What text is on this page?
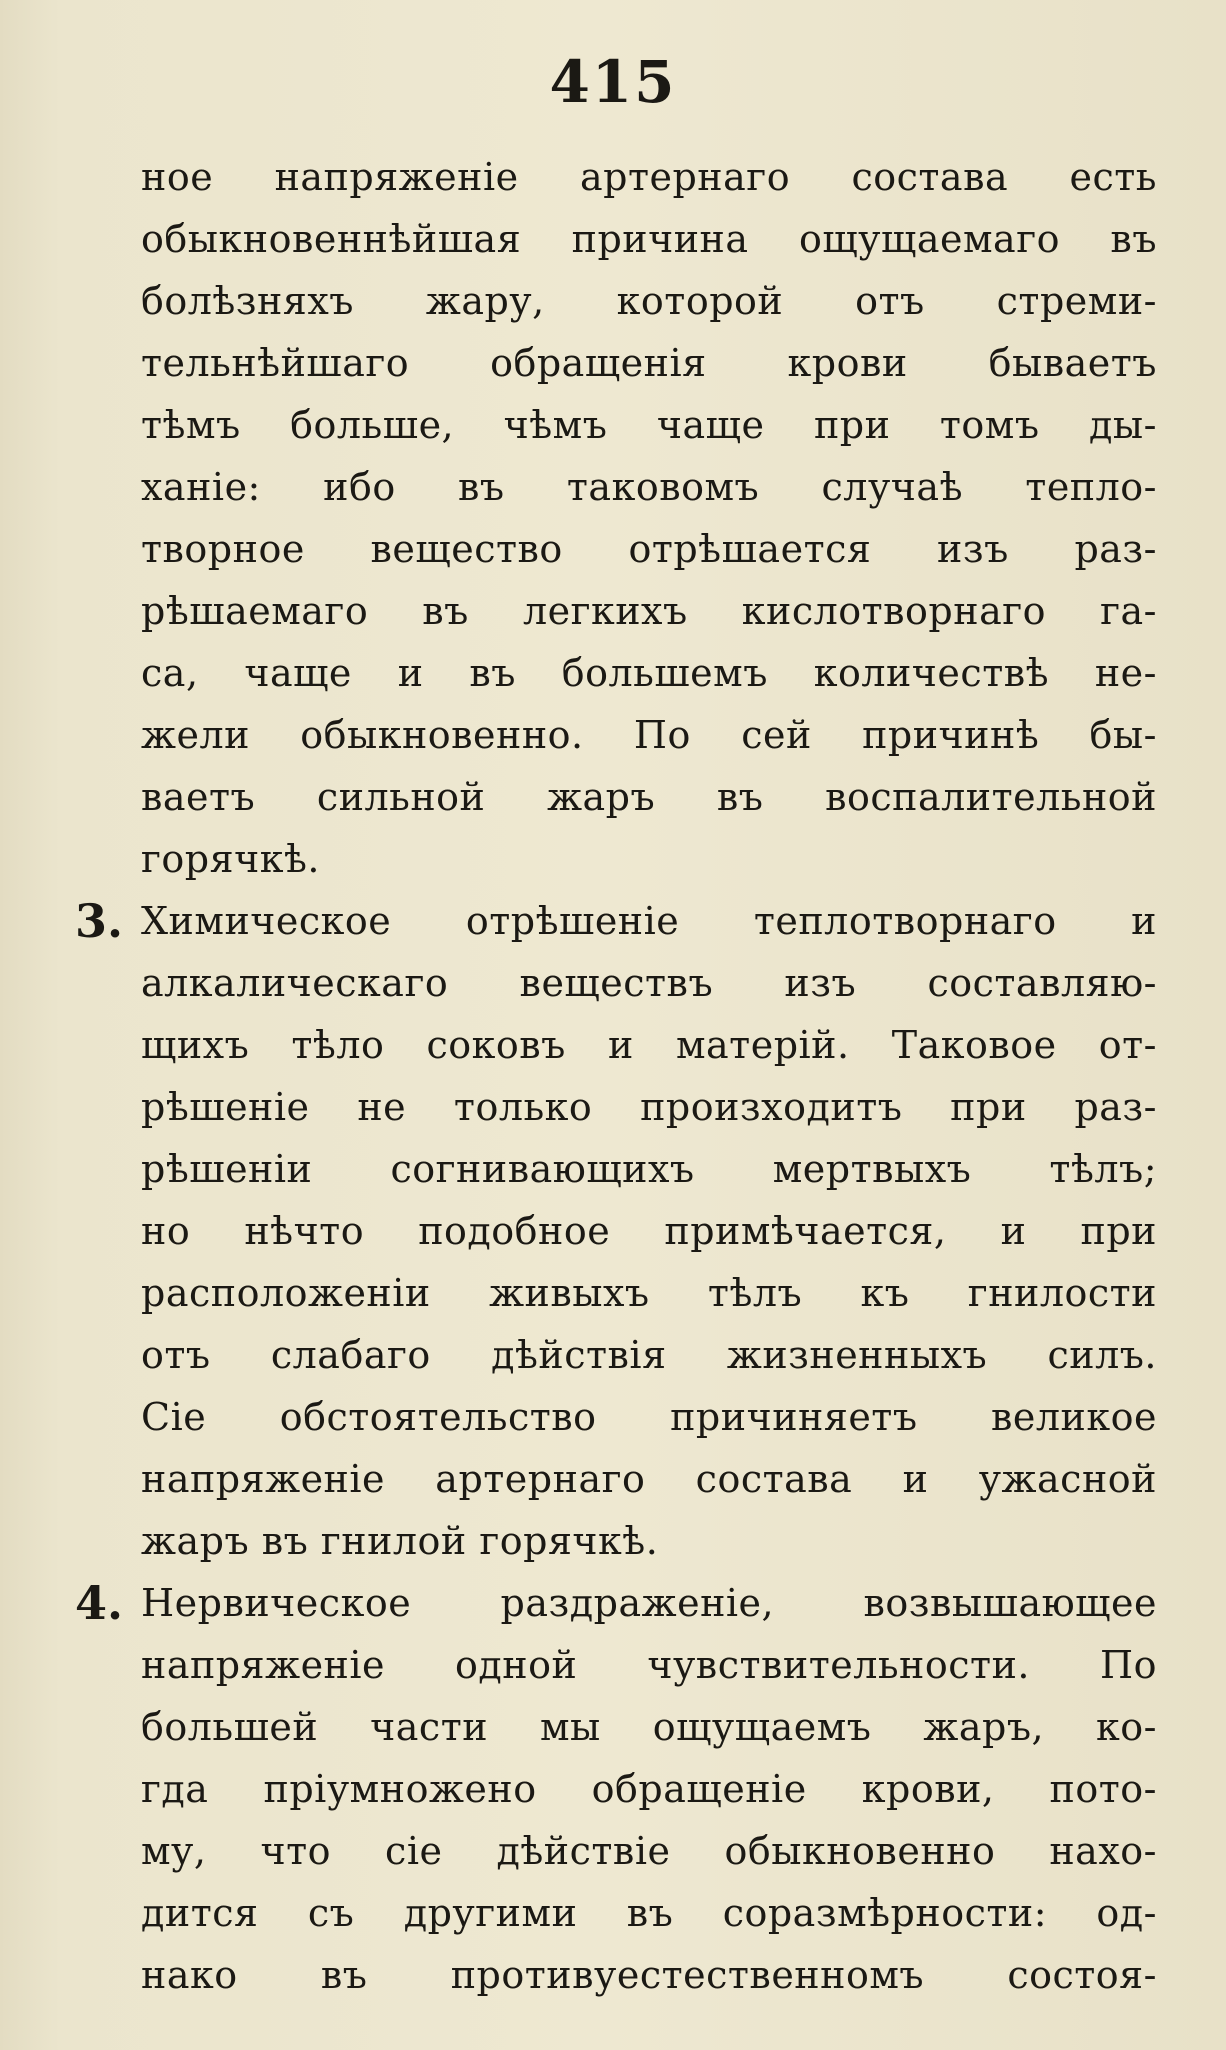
415
ное напряженіе артернаго состава есть
обыкновеннѣйшая причина ощущаемаго въ
болѣзняхъ жару, которой отъ стреми-
тельнѣйшаго обращенія крови бываетъ
тѣмъ больше, чѣмъ чаще при томъ ды-
ханіе: ибо въ таковомъ случаѣ тепло-
творное вещество отрѣшается изъ раз-
рѣшаемаго въ легкихъ кислотворнаго га-
са, чаще и въ большемъ количествѣ не-
жели обыкновенно. По сей причинѣ бы-
ваетъ сильной жаръ въ воспалительной
горячкѣ.
3. Химическое отрѣшеніе теплотворнаго и
алкалическаго веществъ изъ составляю-
щихъ тѣло соковъ и матерій. Таковое от-
рѣшеніе не только произходитъ при раз-
рѣшеніи согнивающихъ мертвыхъ тѣлъ;
но нѣчто подобное примѣчается, и при
расположеніи живыхъ тѣлъ къ гнилости
отъ слабаго дѣйствія жизненныхъ силъ.
Сіе обстоятельство причиняетъ великое
напряженіе артернаго состава и ужасной
жаръ въ гнилой горячкѣ.
4. Нервическое раздраженіе, возвышающее
напряженіе одной чувствительности. По
большей части мы ощущаемъ жаръ, ко-
гда пріумножено обращеніе крови, пото-
му, что сіе дѣйствіе обыкновенно нахо-
дится съ другими въ соразмѣрности: од-
нако въ противуестественномъ состоя-
